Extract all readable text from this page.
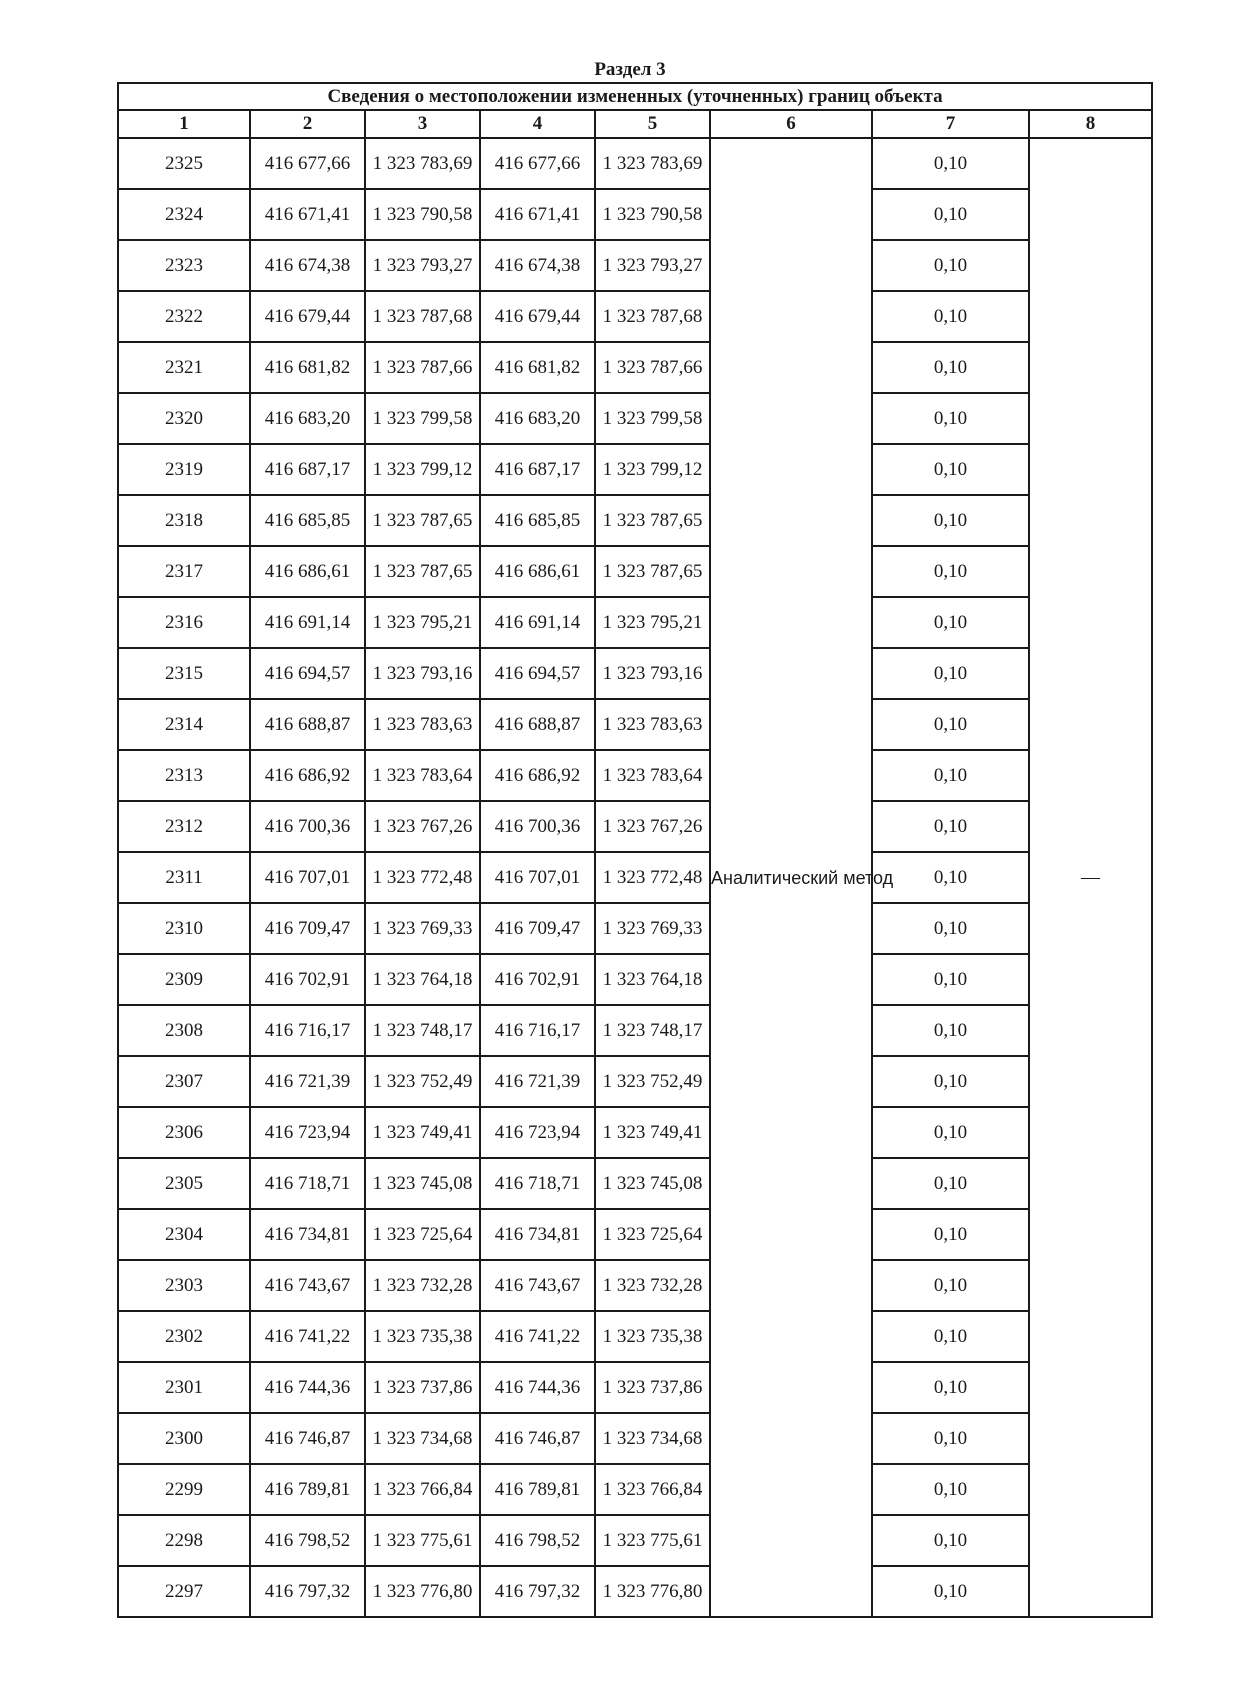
Раздел 3
Сведения о местоположении измененных (уточненных) границ объекта							
1	2	3	4	5	6	7	8
2325	416 677,66	1 323 783,69	416 677,66	1 323 783,69	Аналитический метод	0,10	—
2324	416 671,41	1 323 790,58	416 671,41	1 323 790,58		0,10	
2323	416 674,38	1 323 793,27	416 674,38	1 323 793,27		0,10	
2322	416 679,44	1 323 787,68	416 679,44	1 323 787,68		0,10	
2321	416 681,82	1 323 787,66	416 681,82	1 323 787,66		0,10	
2320	416 683,20	1 323 799,58	416 683,20	1 323 799,58		0,10	
2319	416 687,17	1 323 799,12	416 687,17	1 323 799,12		0,10	
2318	416 685,85	1 323 787,65	416 685,85	1 323 787,65		0,10	
2317	416 686,61	1 323 787,65	416 686,61	1 323 787,65		0,10	
2316	416 691,14	1 323 795,21	416 691,14	1 323 795,21		0,10	
2315	416 694,57	1 323 793,16	416 694,57	1 323 793,16		0,10	
2314	416 688,87	1 323 783,63	416 688,87	1 323 783,63		0,10	
2313	416 686,92	1 323 783,64	416 686,92	1 323 783,64		0,10	
2312	416 700,36	1 323 767,26	416 700,36	1 323 767,26		0,10	
2311	416 707,01	1 323 772,48	416 707,01	1 323 772,48		0,10	
2310	416 709,47	1 323 769,33	416 709,47	1 323 769,33		0,10	
2309	416 702,91	1 323 764,18	416 702,91	1 323 764,18		0,10	
2308	416 716,17	1 323 748,17	416 716,17	1 323 748,17		0,10	
2307	416 721,39	1 323 752,49	416 721,39	1 323 752,49		0,10	
2306	416 723,94	1 323 749,41	416 723,94	1 323 749,41		0,10	
2305	416 718,71	1 323 745,08	416 718,71	1 323 745,08		0,10	
2304	416 734,81	1 323 725,64	416 734,81	1 323 725,64		0,10	
2303	416 743,67	1 323 732,28	416 743,67	1 323 732,28		0,10	
2302	416 741,22	1 323 735,38	416 741,22	1 323 735,38		0,10	
2301	416 744,36	1 323 737,86	416 744,36	1 323 737,86		0,10	
2300	416 746,87	1 323 734,68	416 746,87	1 323 734,68		0,10	
2299	416 789,81	1 323 766,84	416 789,81	1 323 766,84		0,10	
2298	416 798,52	1 323 775,61	416 798,52	1 323 775,61		0,10	
2297	416 797,32	1 323 776,80	416 797,32	1 323 776,80		0,10	
